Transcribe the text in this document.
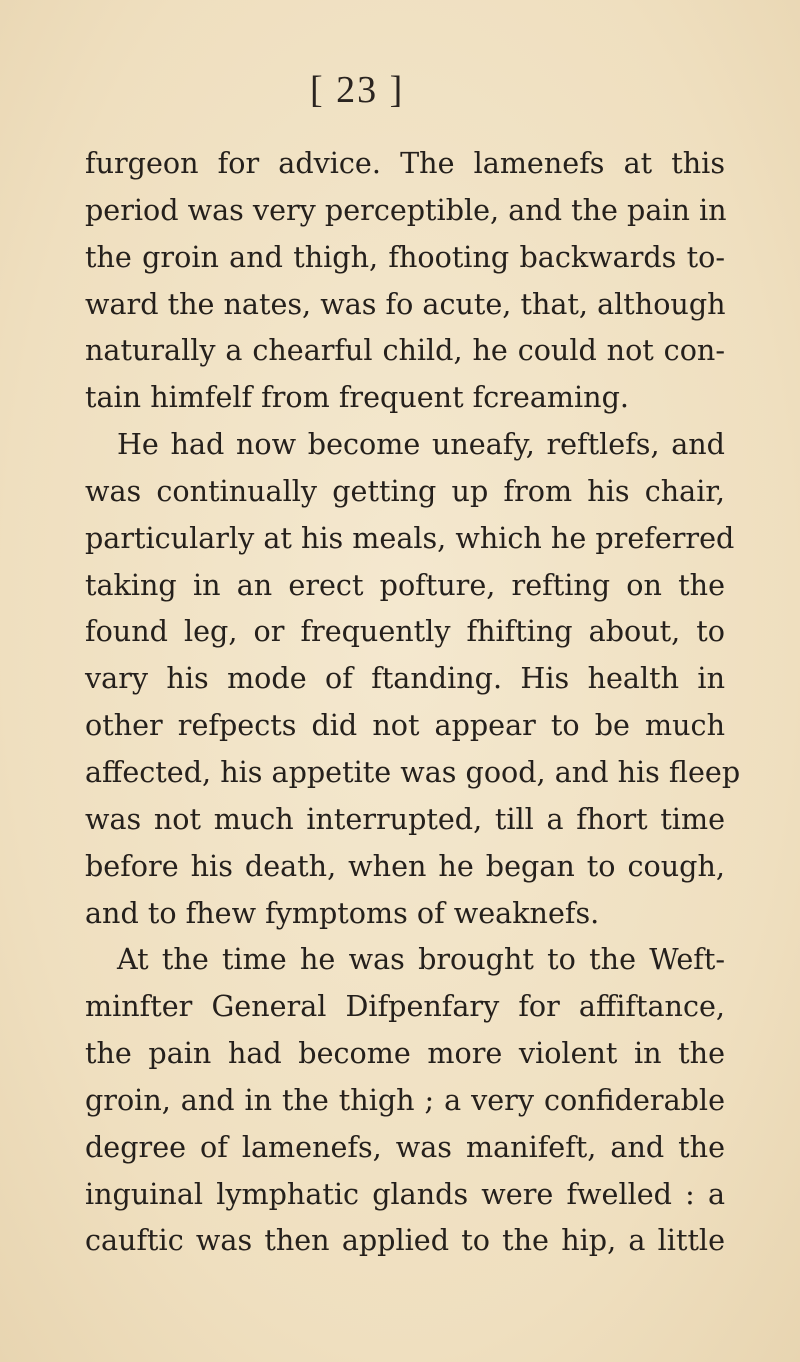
[ 23 ]
furgeon for advice. The lamenefs at this
period was very perceptible, and the pain in
the groin and thigh, fhooting backwards to-
ward the nates, was fo acute, that, although
naturally a chearful child, he could not con-
tain himfelf from frequent fcreaming.
He had now become uneafy, reftlefs, and
was continually getting up from his chair,
particularly at his meals, which he preferred
taking in an erect pofture, refting on the
found leg, or frequently fhifting about, to
vary his mode of ftanding. His health in
other refpects did not appear to be much
affected, his appetite was good, and his fleep
was not much interrupted, till a fhort time
before his death, when he began to cough,
and to fhew fymptoms of weaknefs.
At the time he was brought to the Weft-
minfter General Difpenfary for affiftance,
the pain had become more violent in the
groin, and in the thigh ; a very confiderable
degree of lamenefs, was manifeft, and the
inguinal lymphatic glands were fwelled : a
cauftic was then applied to the hip, a little
